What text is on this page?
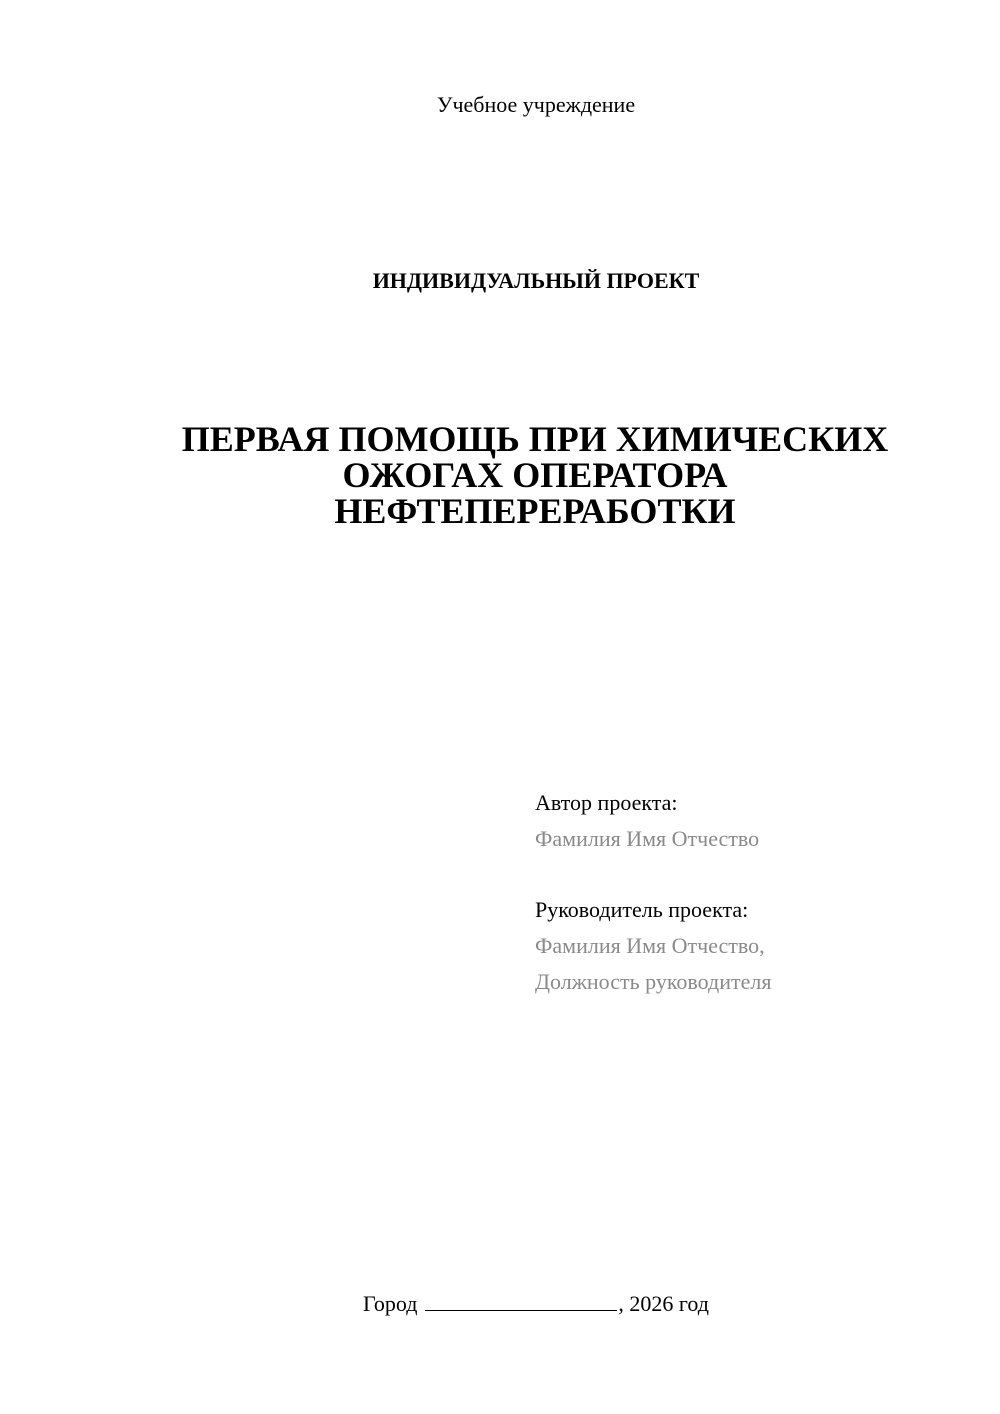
Учебное учреждение
ИНДИВИДУАЛЬНЫЙ ПРОЕКТ
ПЕРВАЯ ПОМОЩЬ ПРИ ХИМИЧЕСКИХ
ОЖОГАХ ОПЕРАТОРА
НЕФТЕПЕРЕРАБОТКИ
Автор проекта:
Фамилия Имя Отчество
Руководитель проекта:
Фамилия Имя Отчество,
Должность руководителя
Город	, 2026 год
